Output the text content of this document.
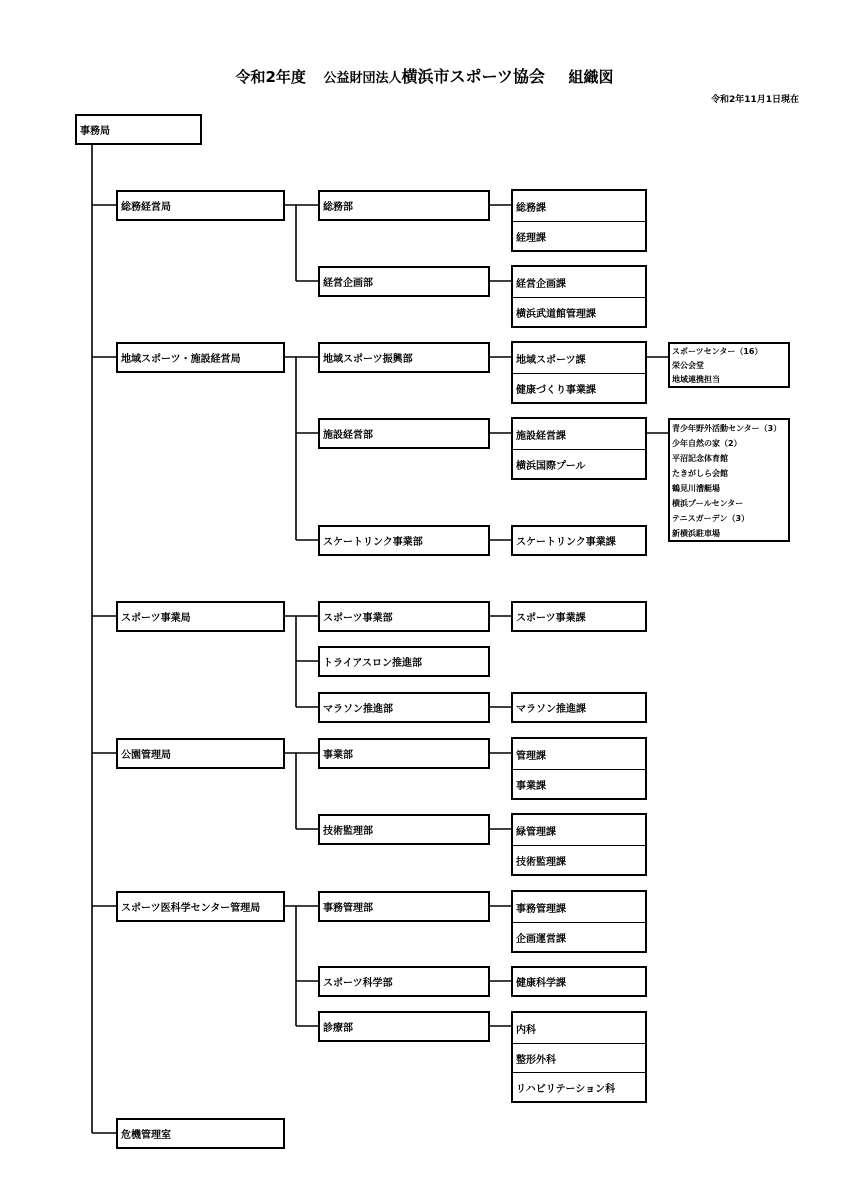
令和2年度 公益財団法人横浜市スポーツ協会 組織図
令和2年11月1日現在
事務局
総務経営局
地域スポーツ・施設経営局
スポーツ事業局
公園管理局
スポーツ医科学センター管理局
危機管理室
総務部
経営企画部
地域スポーツ振興部
施設経営部
スケートリンク事業部
スポーツ事業部
トライアスロン推進部
マラソン推進部
事業部
技術監理部
事務管理部
スポーツ科学部
診療部
総務課
経理課
経営企画課
横浜武道館管理課
地域スポーツ課
健康づくり事業課
施設経営課
横浜国際プール
スケートリンク事業課
スポーツ事業課
マラソン推進課
管理課
事業課
緑管理課
技術監理課
事務管理課
企画運営課
健康科学課
内科
整形外科
リハビリテーション科
スポーツセンター（16）
栄公会堂
地域連携担当
青少年野外活動センター（3）
少年自然の家（2）
平沼記念体育館
たきがしら会館
鶴見川漕艇場
横浜プールセンター
テニスガーデン（3）
新横浜駐車場
